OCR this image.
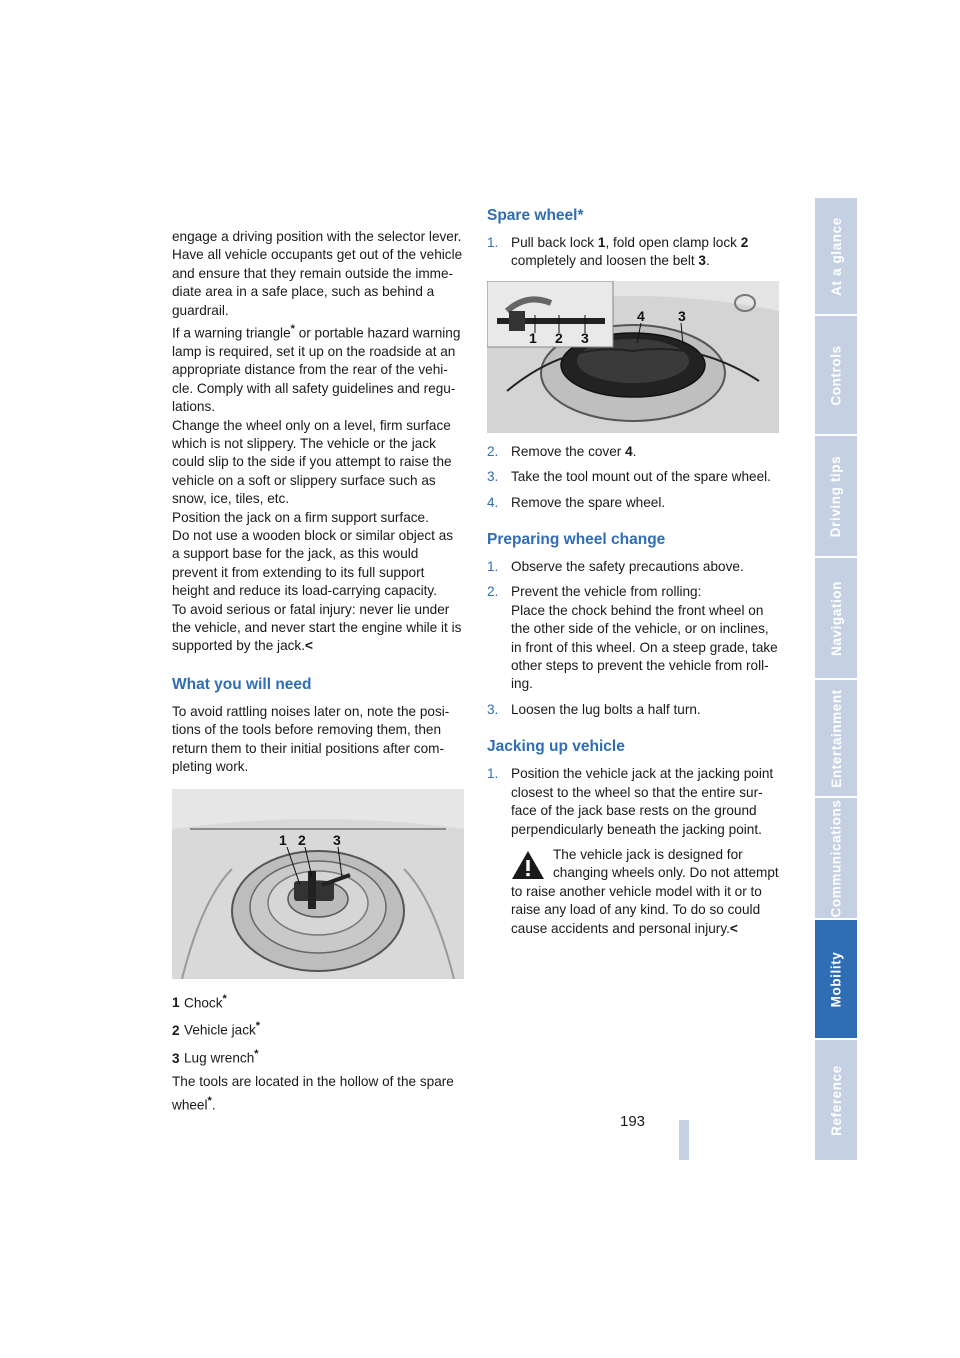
engage a driving position with the selector lever.

Have all vehicle occupants get out of the vehicle and ensure that they remain outside the imme-diate area in a safe place, such as behind a guardrail.

If a warning triangle* or portable hazard warning lamp is required, set it up on the roadside at an appropriate distance from the rear of the vehi-cle. Comply with all safety guidelines and regu-lations.

Change the wheel only on a level, firm surface which is not slippery. The vehicle or the jack could slip to the side if you attempt to raise the vehicle on a soft or slippery surface such as snow, ice, tiles, etc.

Position the jack on a firm support surface.

Do not use a wooden block or similar object as a support base for the jack, as this would prevent it from extending to its full support height and reduce its load-carrying capacity.

To avoid serious or fatal injury: never lie under the vehicle, and never start the engine while it is supported by the jack.<

What you will need

To avoid rattling noises later on, note the posi-tions of the tools before removing them, then return them to their initial positions after com-pleting work.

1 2 3
1 Chock*
2 Vehicle jack*
3 Lug wrench*

The tools are located in the hollow of the spare wheel*.

Spare wheel*
1. Pull back lock 1, fold open clamp lock 2 completely and loosen the belt 3.
1 2 3
4 3
2. Remove the cover 4.
3. Take the tool mount out of the spare wheel.
4. Remove the spare wheel.
Preparing wheel change
1. Observe the safety precautions above.
2. Prevent the vehicle from rolling:
Place the chock behind the front wheel on the other side of the vehicle, or on inclines, in front of this wheel. On a steep grade, take other steps to prevent the vehicle from roll-ing.
3. Loosen the lug bolts a half turn.
Jacking up vehicle
1. Position the vehicle jack at the jacking point closest to the wheel so that the entire sur-face of the jack base rests on the ground perpendicularly beneath the jacking point.
The vehicle jack is designed for changing wheels only. Do not attempt to raise another vehicle model with it or to raise any load of any kind. To do so could cause accidents and personal injury.<
At a glance
Controls
Driving tips
Navigation
Entertainment
Communications
Mobility
Reference
193
